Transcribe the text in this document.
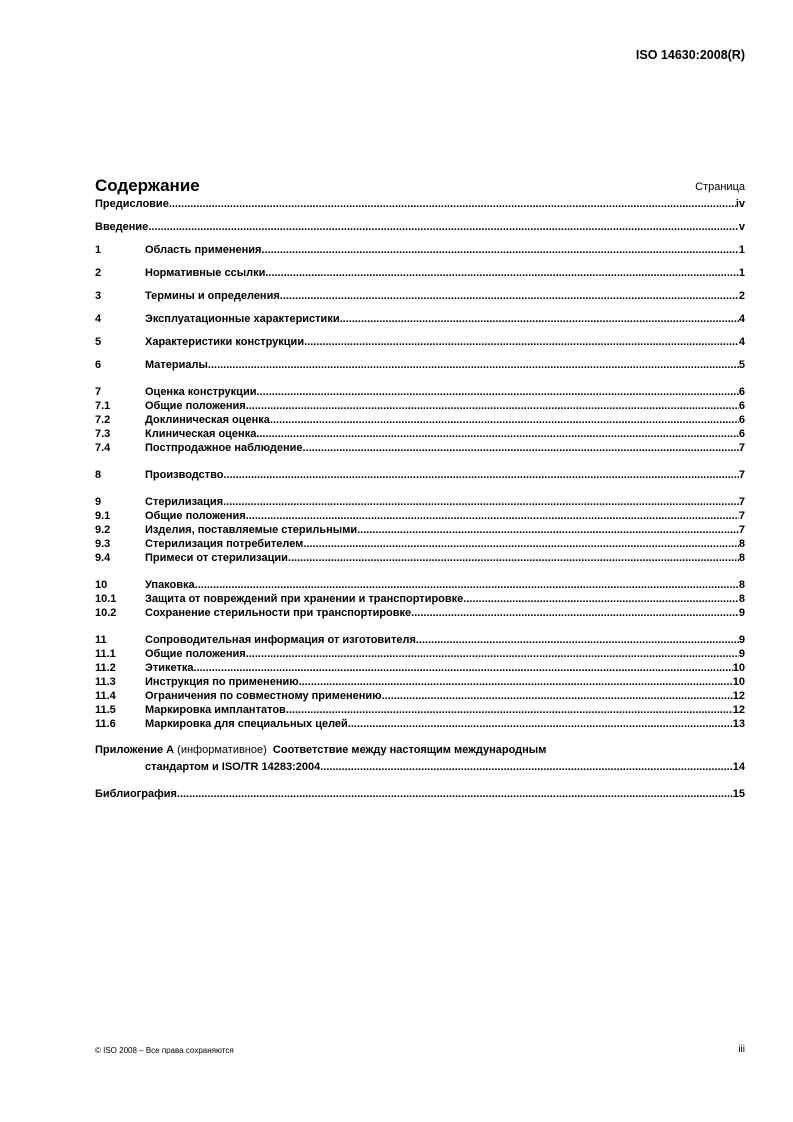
ISO 14630:2008(R)
Содержание	Страница
Предисловие .....	iv
Введение .....	v
1	Область применения .....	1
2	Нормативные ссылки .....	1
3	Термины и определения .....	2
4	Эксплуатационные характеристики .....	4
5	Характеристики конструкции .....	4
6	Материалы .....	5
7	Оценка конструкции .....	6
7.1	Общие положения .....	6
7.2	Доклиническая оценка .....	6
7.3	Клиническая оценка .....	6
7.4	Постпродажное наблюдение .....	7
8	Производство .....	7
9	Стерилизация .....	7
9.1	Общие положения .....	7
9.2	Изделия, поставляемые стерильными .....	7
9.3	Стерилизация потребителем .....	8
9.4	Примеси от стерилизации .....	8
10	Упаковка .....	8
10.1	Защита от повреждений при хранении и транспортировке .....	8
10.2	Сохранение стерильности при транспортировке .....	9
11	Сопроводительная информация от изготовителя .....	9
11.1	Общие положения .....	9
11.2	Этикетка .....	10
11.3	Инструкция по применению .....	10
11.4	Ограничения по совместному применению .....	12
11.5	Маркировка имплантатов .....	12
11.6	Маркировка для специальных целей .....	13
Приложение A
(информативное)
Соответствие между настоящим международным
стандартом и ISO/TR 14283:2004 .....	14
Библиография .....	15
© ISO 2008 – Все права сохраняются	iii
